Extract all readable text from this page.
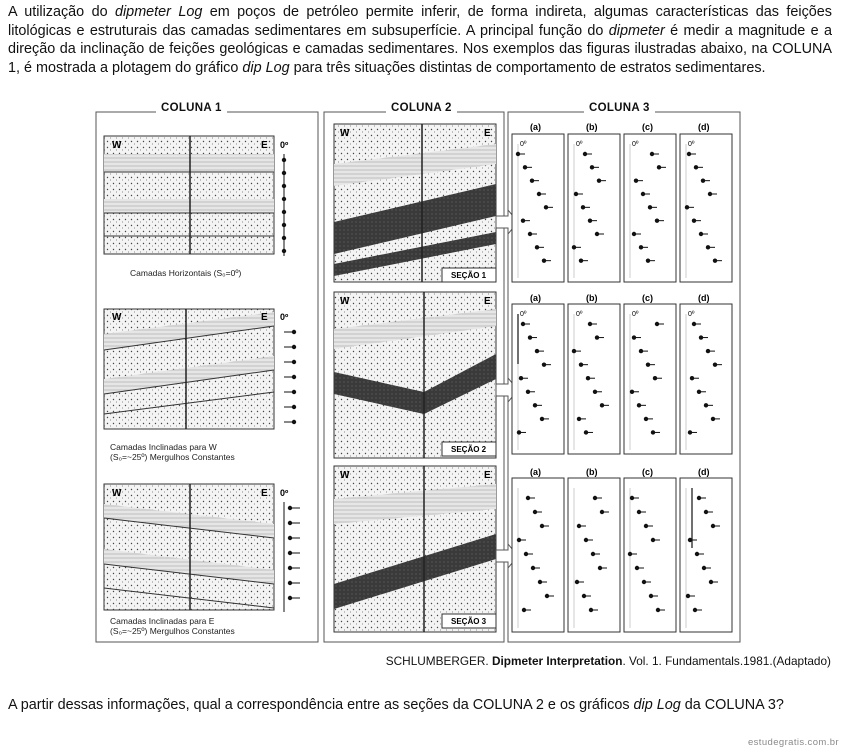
A utilização do dipmeter Log em poços de petróleo permite inferir, de forma indireta, algumas características das feições litológicas e estruturais das camadas sedimentares em subsuperfície. A principal função do dipmeter é medir a magnitude e a direção da inclinação de feições geológicas e camadas sedimentares. Nos exemplos das figuras ilustradas abaixo, na COLUNA 1, é mostrada a plotagem do gráfico dip Log para três situações distintas de comportamento de estratos sedimentares.
W	E 0º
W	E 0º
W	E 0º
W	E
W	E
W	E
SEÇÃO 1
SEÇÃO 2
SEÇÃO 3
(a)	(b)	(c)	(d)
(a)	(b)	(c)	(d)
(a)	(b)	(c)	(d)
0º	0º	0º	0º
0º	0º	0º	0º
COLUNA 1	COLUNA 2	COLUNA 3
Camadas Horizontais (S₀=0º)
Camadas Inclinadas para W (S₀=~25º) Mergulhos Constantes
Camadas Inclinadas para E (S₀=~25º) Mergulhos Constantes
SCHLUMBERGER. Dipmeter Interpretation. Vol. 1. Fundamentals.1981.(Adaptado)
A partir dessas informações, qual a correspondência entre as seções da COLUNA 2 e os gráficos dip Log da COLUNA 3?
estudegratis.com.br
